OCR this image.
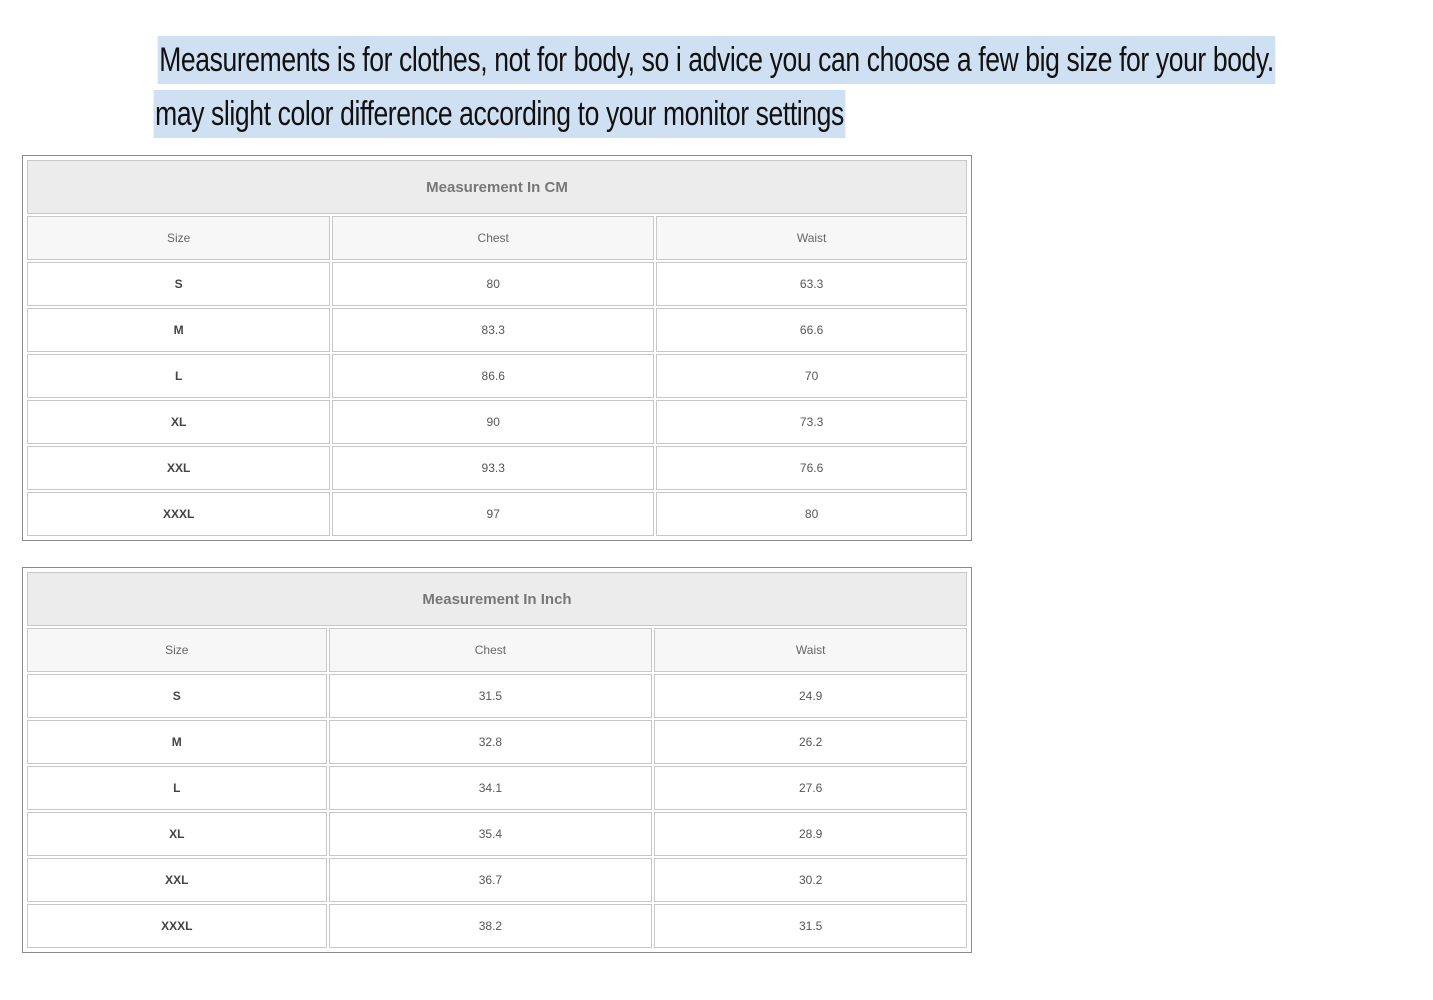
Measurements is for clothes, not for body, so i advice you can choose a few big size for your body.
may slight color difference according to your monitor settings
Measurement In CM		
Size	Chest	Waist
S	80	63.3
M	83.3	66.6
L	86.6	70
XL	90	73.3
XXL	93.3	76.6
XXXL	97	80
Measurement In Inch		
Size	Chest	Waist
S	31.5	24.9
M	32.8	26.2
L	34.1	27.6
XL	35.4	28.9
XXL	36.7	30.2
XXXL	38.2	31.5
